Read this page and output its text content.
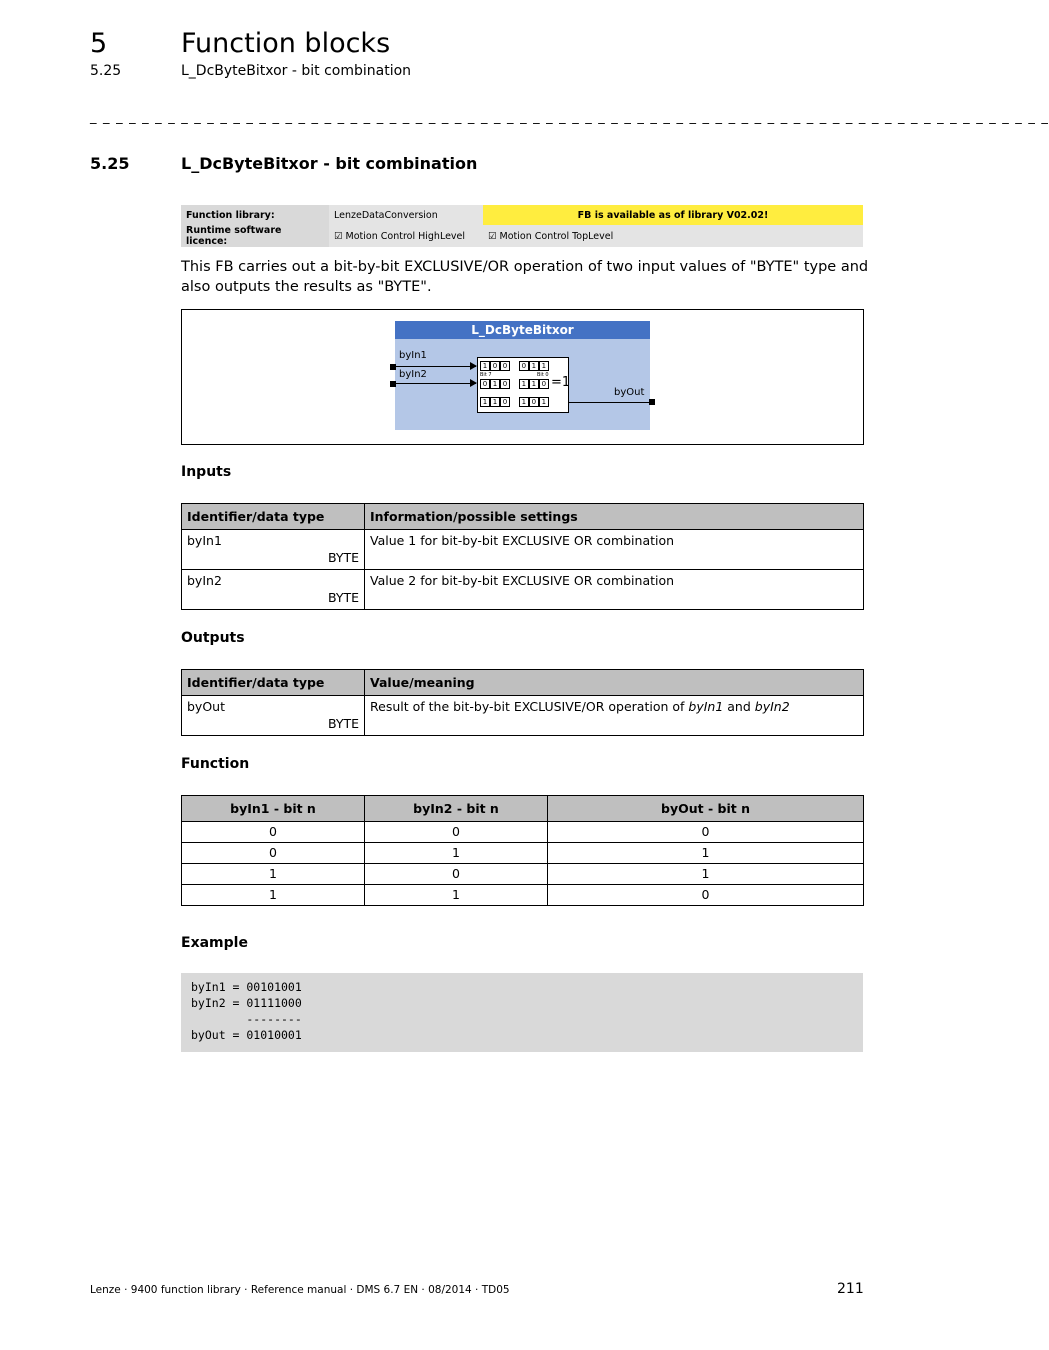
5	Function blocks
5.25	L_DcByteBitxor - bit combination
_ _ _ _ _ _ _ _ _ _ _ _ _ _ _ _ _ _ _ _ _ _ _ _ _ _ _ _ _ _ _ _ _ _ _ _ _ _ _ _ _ _ _ _ _ _ _ _ _ _ _ _ _ _ _ _ _ _ _ _ _ _ _ _ _ _ _ _ _ _ _ _ _ _
5.25	L_DcByteBitxor - bit combination
Function library:	LenzeDataConversion	FB is available as of library V02.02!
Runtime software licence:	☑ Motion Control HighLevel	☑ Motion Control TopLevel
This FB carries out a bit-by-bit EXCLUSIVE/OR operation of two input values of "BYTE" type and also outputs the results as "BYTE".
L_DcByteBitxor
byIn1
byIn2
byOut
1 0 0 0 1 1
Bit 7	Bit 0
0 1 0 1 1 0
1 1 0 1 0 1
=1
Inputs
Identifier/data type	Information/possible settings

byIn1
BYTE	Value 1 for bit-by-bit EXCLUSIVE OR combination

byIn2
BYTE	Value 2 for bit-by-bit EXCLUSIVE OR combination
Outputs
Identifier/data type	Value/meaning

byOut
BYTE	Result of the bit-by-bit EXCLUSIVE/OR operation of byIn1 and byIn2
Function
byIn1 - bit n	byIn2 - bit n	byOut - bit n
0	0	0
0	1	1
1	0	1
1	1	0
Example
byIn1 = 00101001
byIn2 = 01111000
--------
byOut = 01010001
Lenze · 9400 function library · Reference manual · DMS 6.7 EN · 08/2014 · TD05	211
